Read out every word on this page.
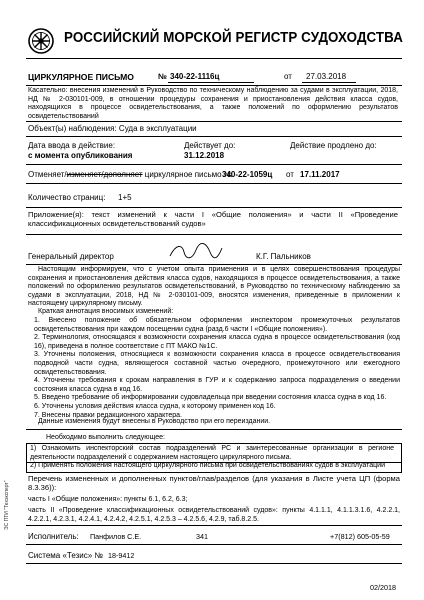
РОССИЙСКИЙ МОРСКОЙ РЕГИСТР СУДОХОДСТВА
ЦИРКУЛЯРНОЕ ПИСЬМО	№ 340-22-1116ц	от 27.03.2018
Касательно: внесения изменений в Руководство по техническому наблюдению за судами в эксплуатации, 2018, НД № 2-030101-009, в отношении процедуры сохранения и приостановления действия класса судов, находящихся в процессе освидетельствования, а также положений по оформлению результатов освидетельствований
Объект(ы) наблюдения: Суда в эксплуатации
Дата ввода в действие:
с момента опубликования
Действует до:
31.12.2018
Действие продлено до:
Отменяет/изменяет/дополняет циркулярное письмо №
340-22-1059ц от 17.11.2017
Количество страниц: 1+5
Приложение(я): текст изменений к части I «Общие положения» и части II «Проведение классификационных освидетельствований судов»
Генеральный директор	К.Г. Пальников
Настоящим информируем, что с учетом опыта применения и в целях совершенствования процедуры сохранения и приостановления действия класса судов, находящихся в процессе освидетельствования, а также положений по оформлению результатов освидетельствований, в Руководство по техническому наблюдению за судами в эксплуатации, 2018, НД № 2-030101-009, вносятся изменения, приведенные в приложении к настоящему циркулярному письму.
Краткая аннотация вносимых изменений:
1. Внесено положение об обязательном оформлении инспектором промежуточных результатов освидетельствования при каждом посещении судна (разд.6 части I «Общие положения»).
2. Терминология, относящаяся к возможности сохранения класса судна в процессе освидетельствования (код 16), приведена в полное соответствие с ПТ МАКО №1С.
3. Уточнены положения, относящиеся к возможности сохранения класса в процессе освидетельствования подводной части судна, являющегося составной частью очередного, промежуточного или ежегодного освидетельствования.
4. Уточнены требования к срокам направления в ГУР и к содержанию запроса подразделения о введении состояния класса судна в код 16.
5. Введено требование об информировании судовладельца при введении состояния класса судна в код 16.
6. Уточнены условия действия класса судна, к которому применен код 16.
7. Внесены правки редакционного характера.
Данные изменения будут внесены в Руководство при его переиздании.
Необходимо выполнить следующее:
1) Ознакомить инспекторский состав подразделений РС и заинтересованные организации в регионе деятельности подразделений с содержанием настоящего циркулярного письма.
2) Применять положения настоящего циркулярного письма при освидетельствованиях судов в эксплуатации
Перечень измененных и дополненных пунктов/глав/разделов (для указания в Листе учета ЦП (форма 8.3.36)):
часть I «Общие положения»: пункты 6.1, 6.2, 6.3;
часть II «Проведение классификационных освидетельствований судов»: пункты 4.1.1.1, 4.1.1.3.1.6, 4.2.2.1, 4.2.2.1, 4.2.3.1, 4.2.4.1, 4.2.4.2, 4.2.5.1, 4.2.5.3 – 4.2.5.6, 4.2.9, таб.8.2.5.
Исполнитель: Панфилов С.Е.	341	+7(812) 605-05-59
Система «Тезис» № 18-9412
02/2018
ЭС ПТИ "Техэксперт"
